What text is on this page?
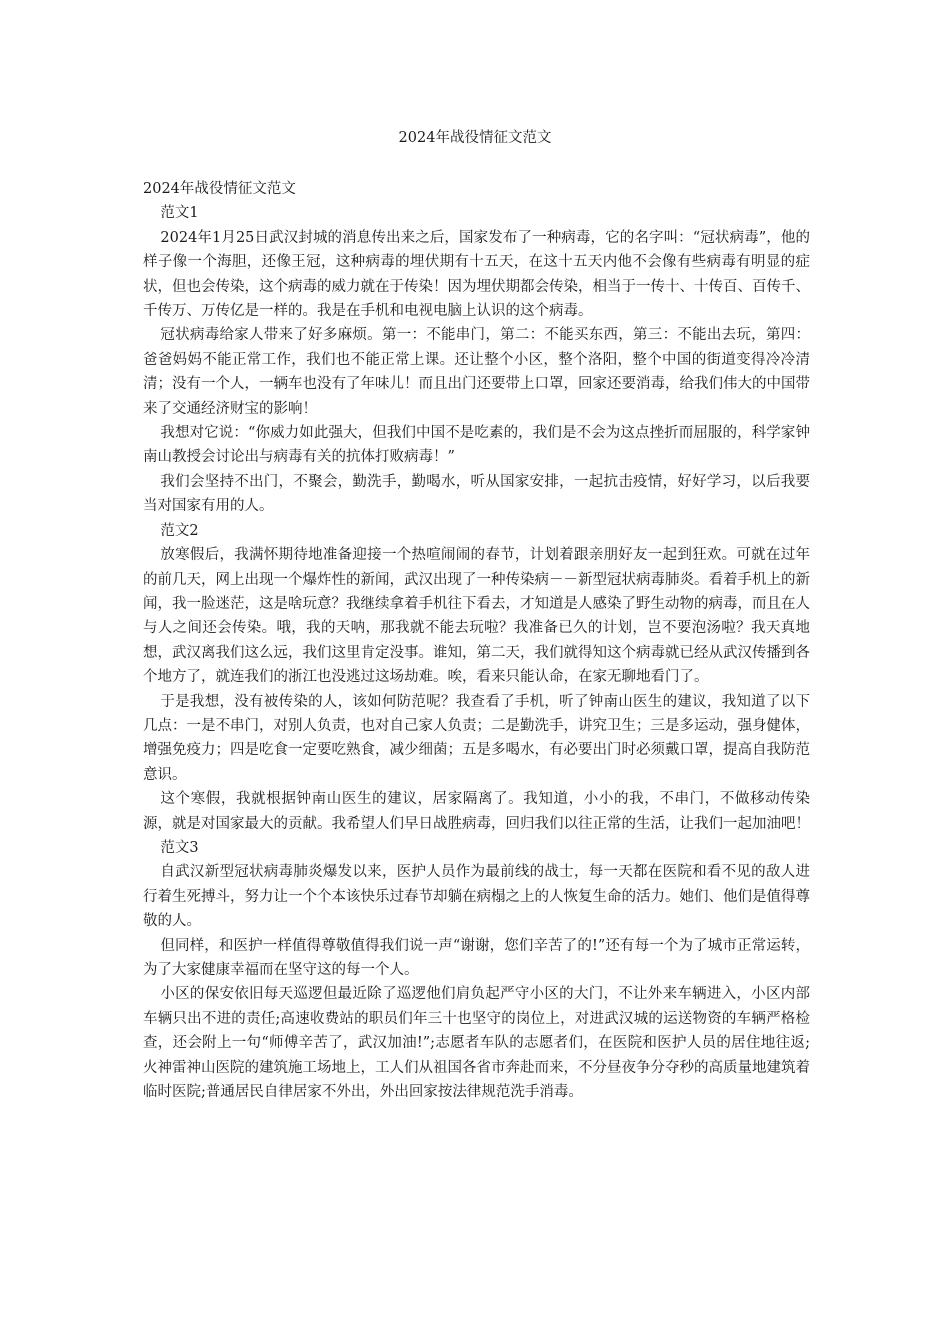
2024年战役情征文范文

2024年战役情征文范文

范文1

2024年1月25日武汉封城的消息传出来之后，国家发布了一种病毒，它的名字叫：“冠状病毒”，他的样子像一个海胆，还像王冠，这种病毒的埋伏期有十五天，在这十五天内他不会像有些病毒有明显的症状，但也会传染，这个病毒的威力就在于传染！因为埋伏期都会传染，相当于一传十、十传百、百传千、千传万、万传亿是一样的。我是在手机和电视电脑上认识的这个病毒。

冠状病毒给家人带来了好多麻烦。第一：不能串门，第二：不能买东西，第三：不能出去玩，第四：爸爸妈妈不能正常工作，我们也不能正常上课。还让整个小区，整个洛阳，整个中国的街道变得冷冷清清；没有一个人，一辆车也没有了年味儿！而且出门还要带上口罩，回家还要消毒，给我们伟大的中国带来了交通经济财宝的影响！

我想对它说：“你威力如此强大，但我们中国不是吃素的，我们是不会为这点挫折而屈服的，科学家钟南山教授会讨论出与病毒有关的抗体打败病毒！”

我们会坚持不出门，不聚会，勤洗手，勤喝水，听从国家安排，一起抗击疫情，好好学习，以后我要当对国家有用的人。

范文2

放寒假后，我满怀期待地准备迎接一个热喧闹闹的春节，计划着跟亲朋好友一起到狂欢。可就在过年的前几天，网上出现一个爆炸性的新闻，武汉出现了一种传染病－－新型冠状病毒肺炎。看着手机上的新闻，我一脸迷茫，这是啥玩意？我继续拿着手机往下看去，才知道是人感染了野生动物的病毒，而且在人与人之间还会传染。哦，我的天呐，那我就不能去玩啦？我准备已久的计划，岂不要泡汤啦？我天真地想，武汉离我们这么远，我们这里肯定没事。谁知，第二天，我们就得知这个病毒就已经从武汉传播到各个地方了，就连我们的浙江也没逃过这场劫难。唉，看来只能认命，在家无聊地看门了。

于是我想，没有被传染的人，该如何防范呢？我查看了手机，听了钟南山医生的建议，我知道了以下几点：一是不串门，对别人负责，也对自己家人负责；二是勤洗手，讲究卫生；三是多运动，强身健体，增强免疫力；四是吃食一定要吃熟食，减少细菌；五是多喝水，有必要出门时必须戴口罩，提高自我防范意识。

这个寒假，我就根据钟南山医生的建议，居家隔离了。我知道，小小的我，不串门，不做移动传染源，就是对国家最大的贡献。我希望人们早日战胜病毒，回归我们以往正常的生活，让我们一起加油吧！

范文3

自武汉新型冠状病毒肺炎爆发以来，医护人员作为最前线的战士，每一天都在医院和看不见的敌人进行着生死搏斗，努力让一个个本该快乐过春节却躺在病榻之上的人恢复生命的活力。她们、他们是值得尊敬的人。

但同样，和医护一样值得尊敬值得我们说一声“谢谢，您们辛苦了的!”还有每一个为了城市正常运转，为了大家健康幸福而在坚守这的每一个人。

小区的保安依旧每天巡逻但最近除了巡逻他们肩负起严守小区的大门，不让外来车辆进入，小区内部车辆只出不进的责任;高速收费站的职员们年三十也坚守的岗位上，对进武汉城的运送物资的车辆严格检查，还会附上一句“师傅辛苦了，武汉加油!”;志愿者车队的志愿者们，在医院和医护人员的居住地往返;火神雷神山医院的建筑施工场地上，工人们从祖国各省市奔赴而来，不分昼夜争分夺秒的高质量地建筑着临时医院;普通居民自律居家不外出，外出回家按法律规范洗手消毒。
